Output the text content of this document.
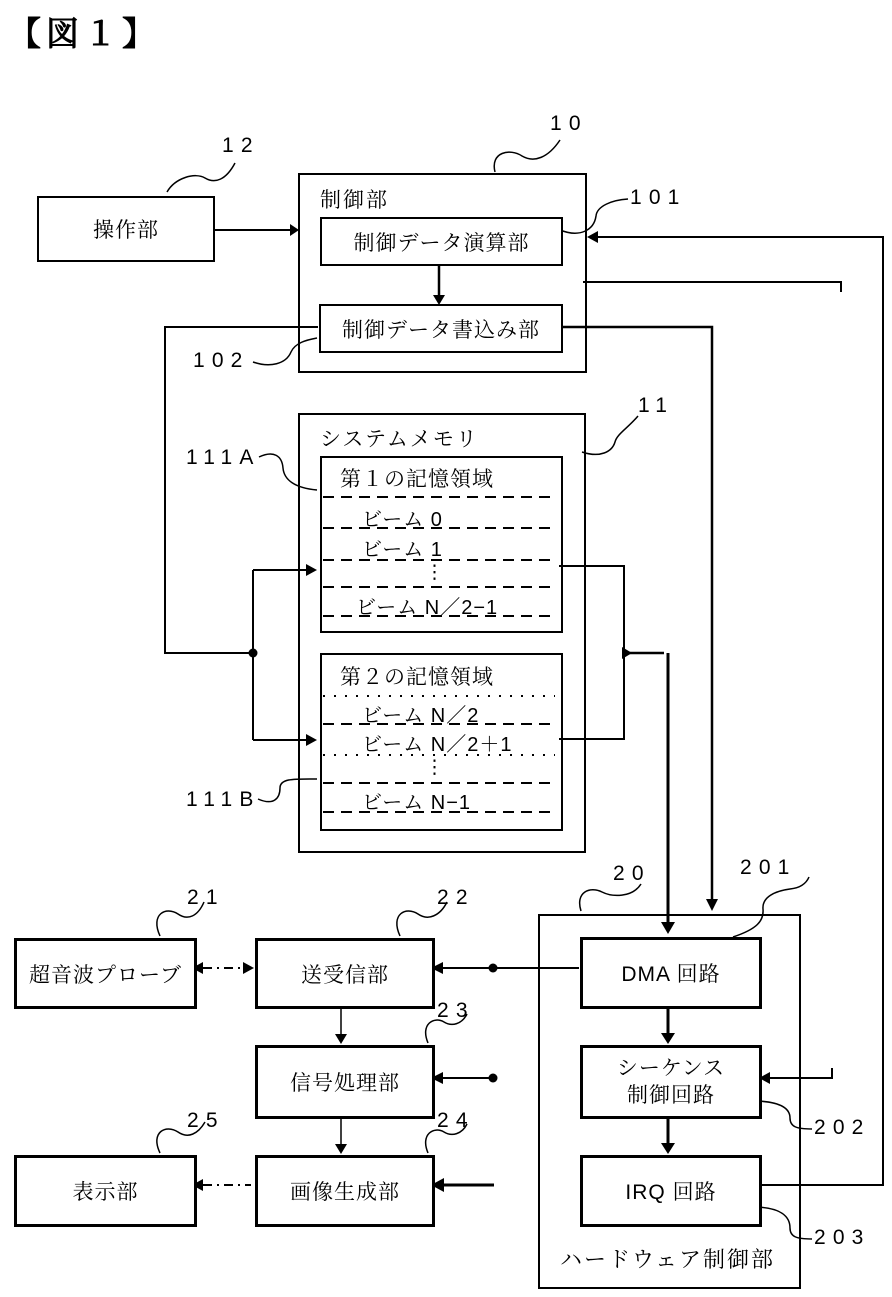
【図１】
操作部
制御部
制御データ演算部
制御データ書込み部
システムメモリ
第１の記憶領域
ビーム 0
ビーム 1
⋮
ビーム N／2−1
第２の記憶領域
ビーム N／2
ビーム N／2＋1
⋮
ビーム N−1
超音波プローブ	送受信部
信号処理部
画像生成部
表示部
ハードウェア制御部
DMA 回路
シーケンス
制御回路
IRQ 回路
12
10
101
102
11
111A
111B
21	22
23
24
25
20	201
202
203
